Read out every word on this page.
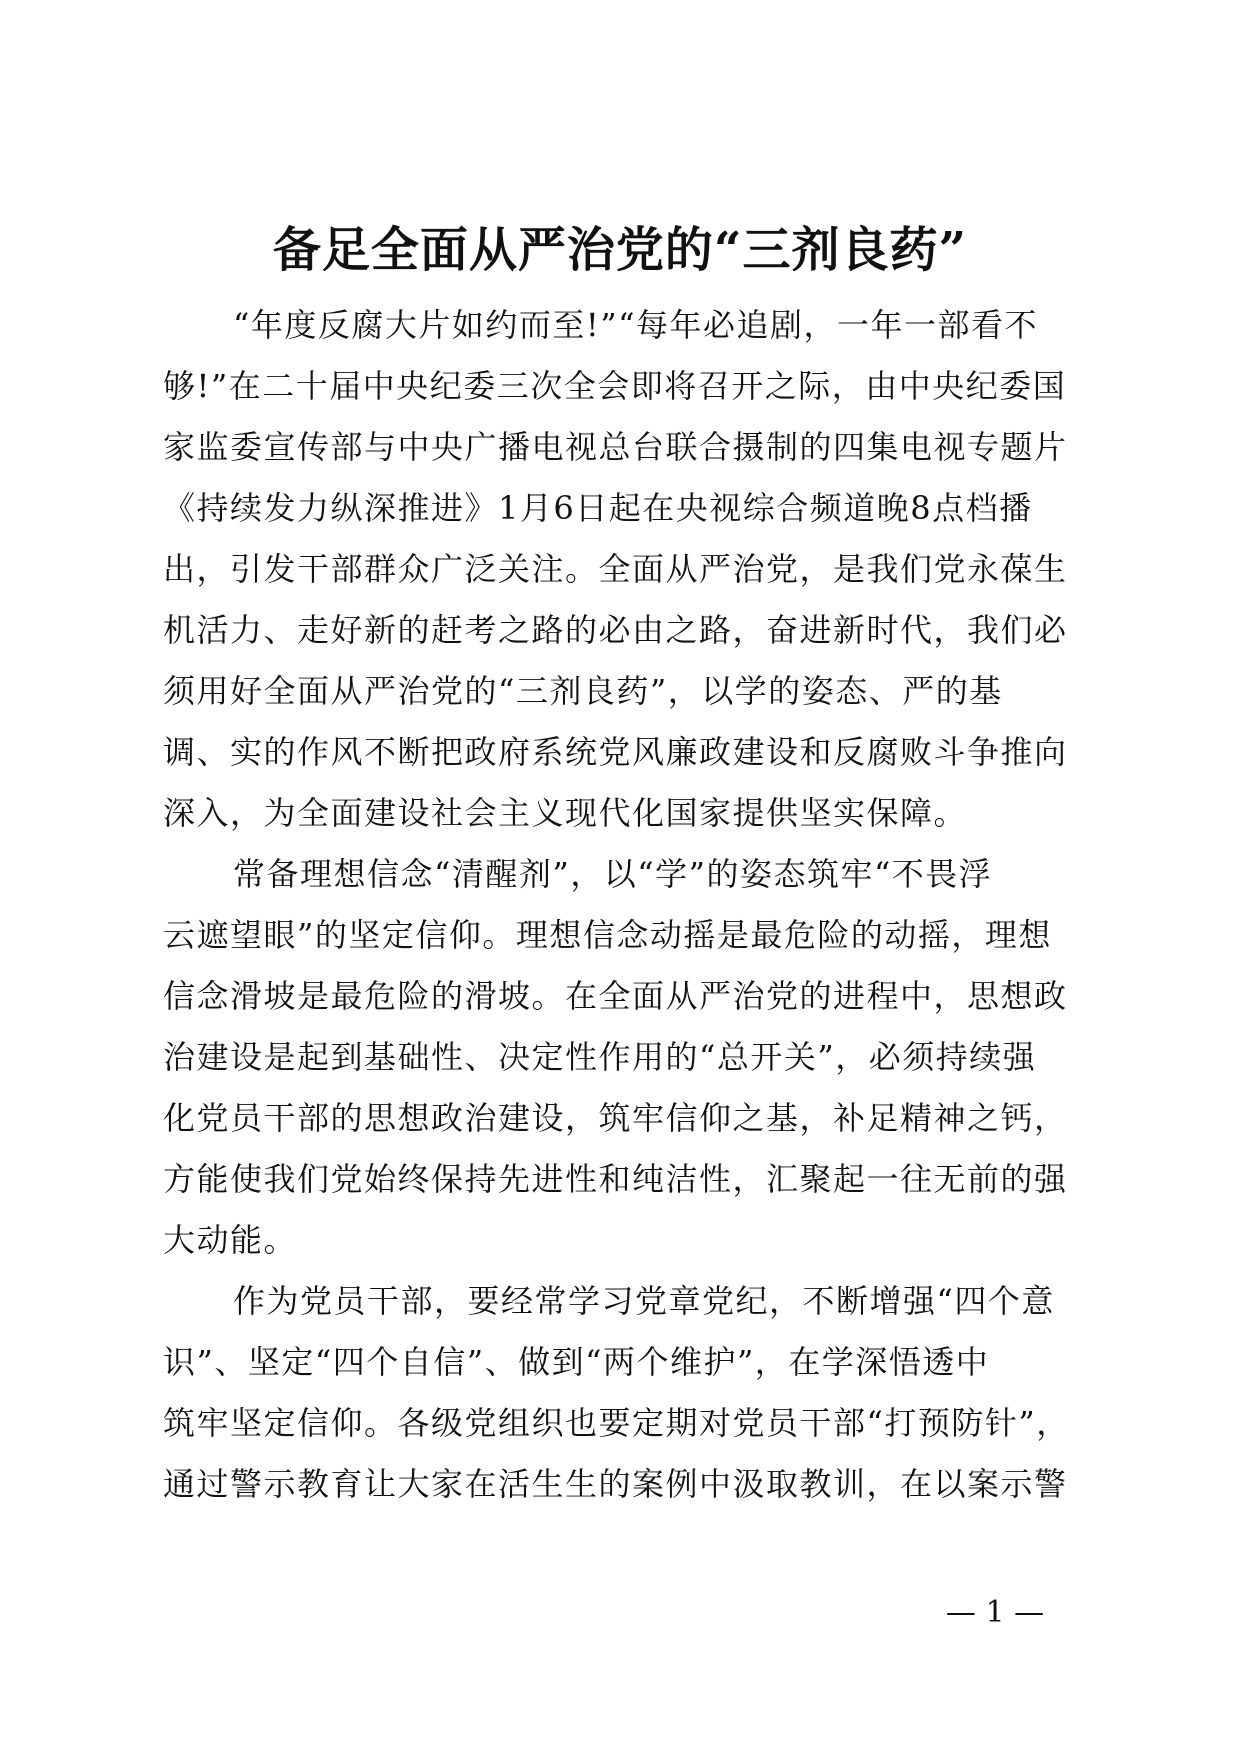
备足全面从严治党的“三剂良药”

“年度反腐大片如约而至!”“每年必追剧，一年一部看不
够!”在二十届中央纪委三次全会即将召开之际，由中央纪委国
家监委宣传部与中央广播电视总台联合摄制的四集电视专题片
《持续发力纵深推进》1月6日起在央视综合频道晚8点档播
出，引发干部群众广泛关注。全面从严治党，是我们党永葆生
机活力、走好新的赶考之路的必由之路，奋进新时代，我们必
须用好全面从严治党的“三剂良药”，以学的姿态、严的基
调、实的作风不断把政府系统党风廉政建设和反腐败斗争推向
深入，为全面建设社会主义现代化国家提供坚实保障。

常备理想信念“清醒剂”，以“学”的姿态筑牢“不畏浮
云遮望眼”的坚定信仰。理想信念动摇是最危险的动摇，理想
信念滑坡是最危险的滑坡。在全面从严治党的进程中，思想政
治建设是起到基础性、决定性作用的“总开关”，必须持续强
化党员干部的思想政治建设，筑牢信仰之基，补足精神之钙，
方能使我们党始终保持先进性和纯洁性，汇聚起一往无前的强
大动能。

作为党员干部，要经常学习党章党纪，不断增强“四个意
识”、坚定“四个自信”、做到“两个维护”，在学深悟透中
筑牢坚定信仰。各级党组织也要定期对党员干部“打预防针”，
通过警示教育让大家在活生生的案例中汲取教训，在以案示警

— 1 —
